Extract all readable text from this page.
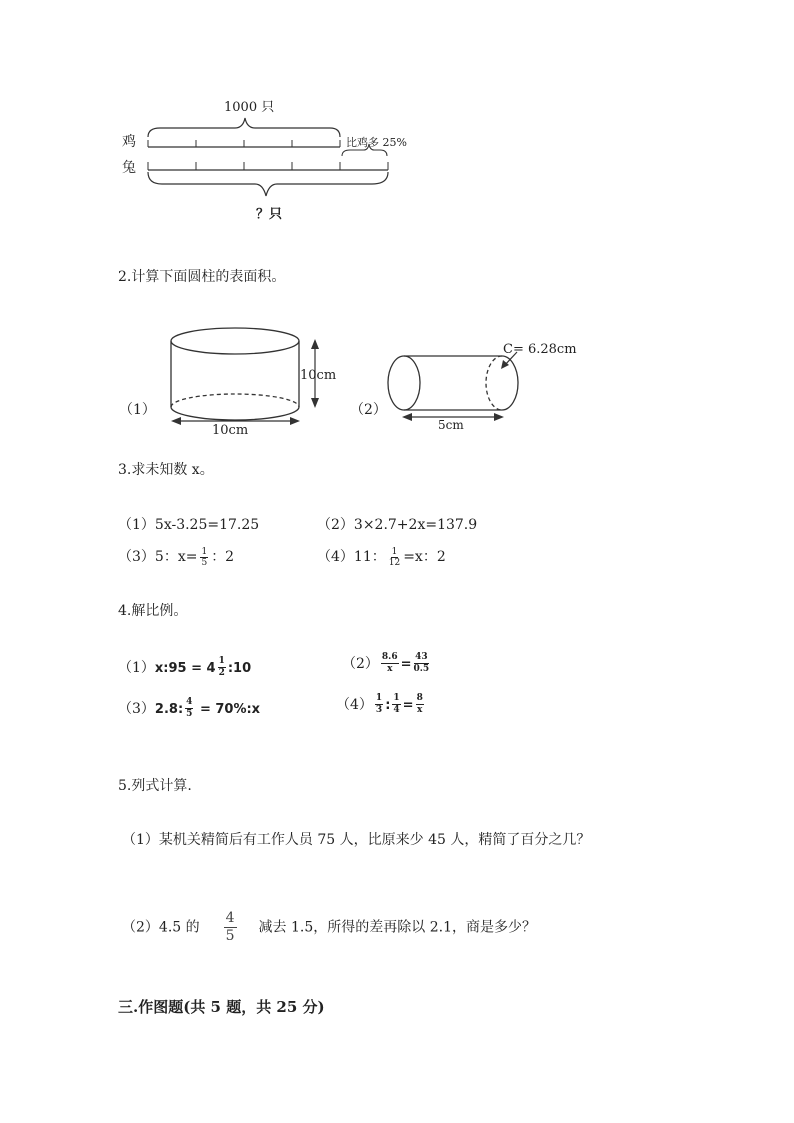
1000 只
鸡
兔
比鸡多 25%
？只
2.计算下面圆柱的表面积。
（1）
10cm
10cm
（2）
C= 6.28cm
5cm
3.求未知数 x。
（1）5x-3.25=17.25	（2）3×2.7+2x=137.9
（3）5：$x= \frac{1}{5}$ ：2	（4）11： $\frac{1}{12} =x$：2
4.解比例。
（1）x:95 = $4 \frac{1}{2}$ :10	$(2) \frac{8.6}{x} = \frac{43}{0.5}$
（3）2.8: $\frac{4}{5}$ = 70%:x	$(4) \frac{1}{3}$ : $\frac{1}{4} = \frac{8}{x}$
5.列式计算.
（1）某机关精简后有工作人员 75 人，比原来少 45 人，精简了百分之几？
（2）4.5 的 $\frac{4}{5}$ 减去 1.5，所得的差再除以 2.1，商是多少？
三.作图题(共 5 题，共 25 分)
